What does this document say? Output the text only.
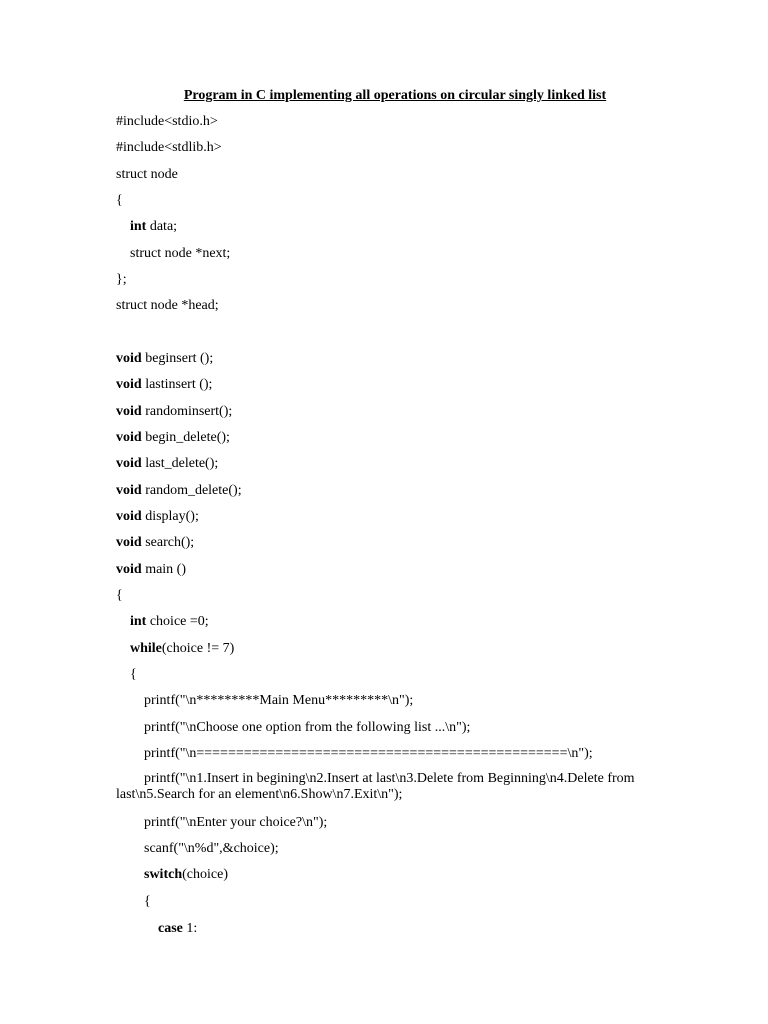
Program in C implementing all operations on circular singly linked list
#include<stdio.h>
#include<stdlib.h>
struct node
{
int data;
struct node *next;
};
struct node *head;
void beginsert ();
void lastinsert ();
void randominsert();
void begin_delete();
void last_delete();
void random_delete();
void display();
void search();
void main ()
{
int choice =0;
while(choice != 7)
{
printf("\n*********Main Menu*********\n");
printf("\nChoose one option from the following list ...\n");
printf("\n===============================================\n");
printf("\n1.Insert in begining\n2.Insert at last\n3.Delete from Beginning\n4.Delete from last\n5.Search for an element\n6.Show\n7.Exit\n");
printf("\nEnter your choice?\n");
scanf("\n%d",&choice);
switch(choice)
{
case 1:
